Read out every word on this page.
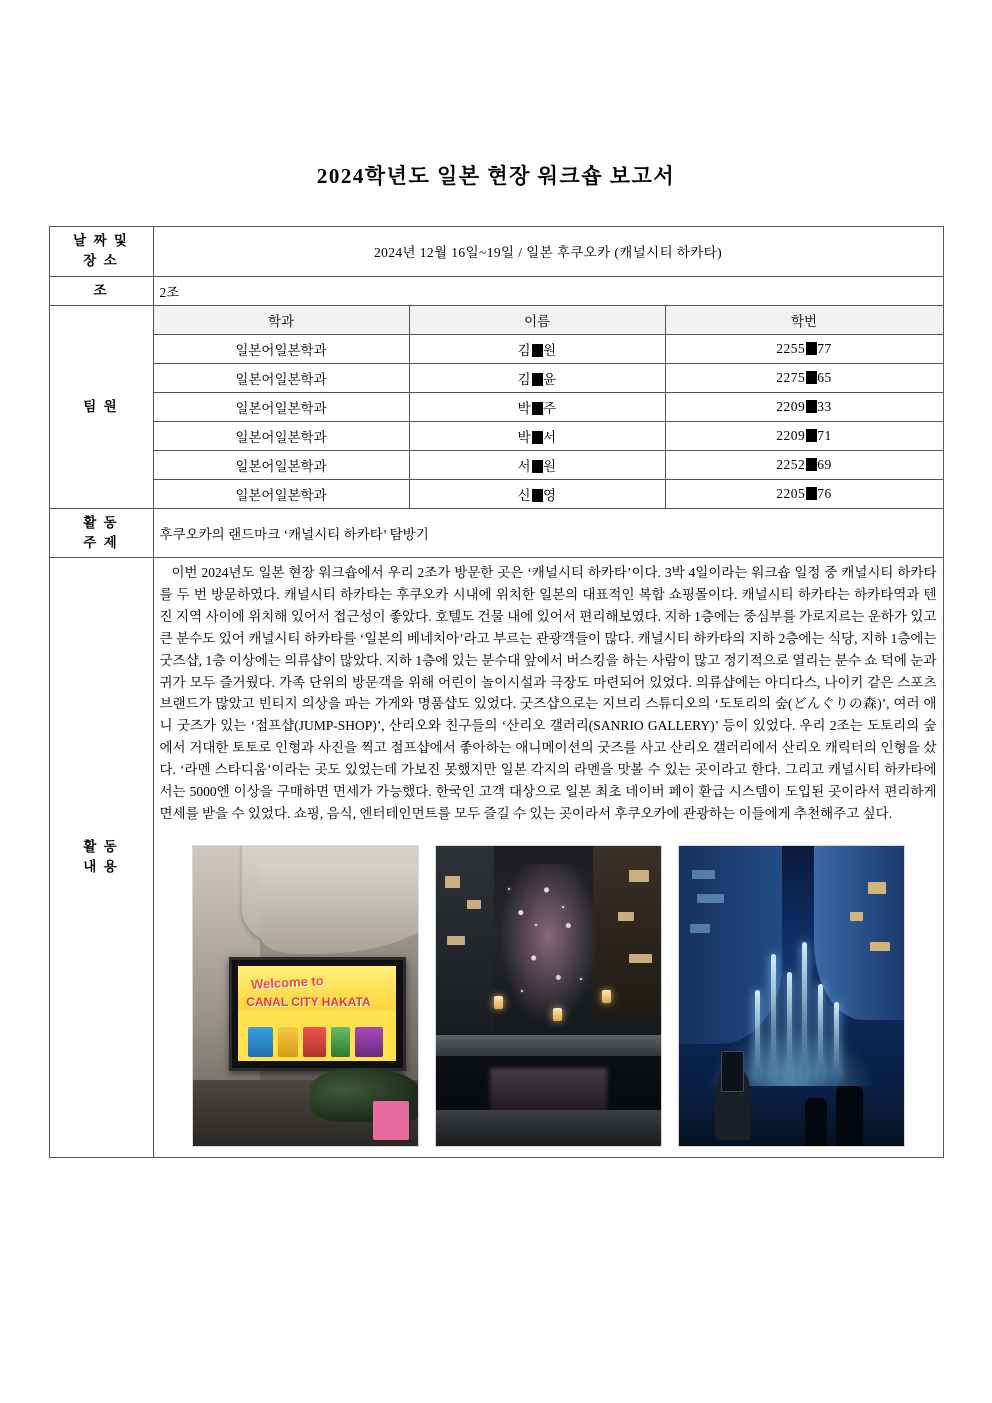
2024학년도 일본 현장 워크숍 보고서
날 짜 및
장 소	2024년 12월 16일~19일 / 일본 후쿠오카 (캐널시티 하카타)		
조	2조		

팀 원	학과	이름	학번
	일본어일본학과	김 원	2255 77
	일본어일본학과	김 윤	2275 65
	일본어일본학과	박 주	2209 33
	일본어일본학과	박 서	2209 71
	일본어일본학과	서 원	2252 69
	일본어일본학과	신 영	2205 76

활 동
주 제	후쿠오카의 랜드마크 ‘캐널시티 하카타’ 탐방기		

활 동
내 용

이번 2024년도 일본 현장 워크숍에서 우리 2조가 방문한 곳은 ‘캐널시티 하카타’이다. 3박 4일이라는 워크숍 일정 중 캐널시티 하카타를 두 번 방문하였다. 캐널시티 하카타는 후쿠오카 시내에 위치한 일본의 대표적인 복합 쇼핑몰이다. 캐널시티 하카타는 하카타역과 텐진 지역 사이에 위치해 있어서 접근성이 좋았다. 호텔도 건물 내에 있어서 편리해보였다. 지하 1층에는 중심부를 가로지르는 운하가 있고 큰 분수도 있어 캐널시티 하카타를 ‘일본의 베네치아’라고 부르는 관광객들이 많다. 캐널시티 하카타의 지하 2층에는 식당, 지하 1층에는 굿즈샵, 1층 이상에는 의류샵이 많았다. 지하 1층에 있는 분수대 앞에서 버스킹을 하는 사람이 많고 정기적으로 열리는 분수 쇼 덕에 눈과 귀가 모두 즐거웠다. 가족 단위의 방문객을 위해 어린이 놀이시설과 극장도 마련되어 있었다. 의류샵에는 아디다스, 나이키 같은 스포츠 브랜드가 많았고 빈티지 의상을 파는 가게와 명품샵도 있었다. 굿즈샵으로는 지브리 스튜디오의 ‘도토리의 숲(どんぐりの森)’, 여러 애니 굿즈가 있는 ‘점프샵(JUMP-SHOP)’, 산리오와 친구들의 ‘산리오 갤러리(SANRIO GALLERY)’ 등이 있었다. 우리 2조는 도토리의 숲에서 거대한 토토로 인형과 사진을 찍고 점프샵에서 좋아하는 애니메이션의 굿즈를 사고 산리오 갤러리에서 산리오 캐릭터의 인형을 샀다. ‘라멘 스타디움’이라는 곳도 있었는데 가보진 못했지만 일본 각지의 라멘을 맛볼 수 있는 곳이라고 한다. 그리고 캐널시티 하카타에서는 5000엔 이상을 구매하면 면세가 가능했다. 한국인 고객 대상으로 일본 최초 네이버 페이 환급 시스템이 도입된 곳이라서 편리하게 면세를 받을 수 있었다. 쇼핑, 음식, 엔터테인먼트를 모두 즐길 수 있는 곳이라서 후쿠오카에 관광하는 이들에게 추천해주고 싶다.

Welcome to
CANAL CITY HAKATA
